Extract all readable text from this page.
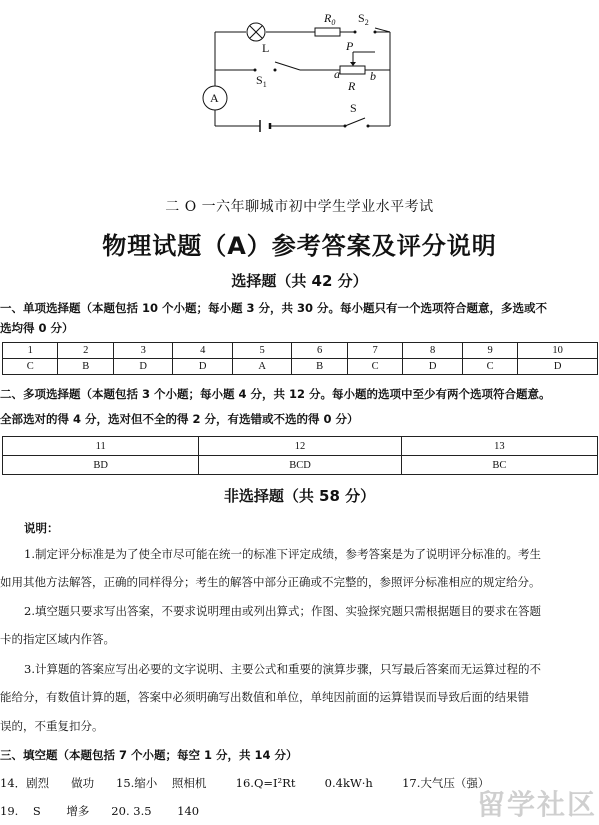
L
$R_0$ $S_2$
$S_1$
P
a	b
R
S
A
二 O 一六年聊城市初中学生学业水平考试
物理试题（A）参考答案及评分说明
选择题（共 42 分）
一、单项选择题（本题包括 10 个小题；每小题 3 分，共 30 分。每小题只有一个选项符合题意，多选或不
选均得 0 分）
1	2	3	4	5	6	7	8	9	10
C	B	D	D	A	B	C	D	C	D
二、多项选择题（本题包括 3 个小题；每小题 4 分，共 12 分。每小题的选项中至少有两个选项符合题意。
全部选对的得 4 分，选对但不全的得 2 分，有选错或不选的得 0 分）
11	12	13
BD	BCD	BC
非选择题（共 58 分）
说明：
1.制定评分标准是为了使全市尽可能在统一的标准下评定成绩，参考答案是为了说明评分标准的。考生
如用其他方法解答，正确的同样得分；考生的解答中部分正确或不完整的，参照评分标准相应的规定给分。
2.填空题只要求写出答案，不要求说明理由或列出算式；作图、实验探究题只需根据题目的要求在答题
卡的指定区域内作答。
3.计算题的答案应写出必要的文字说明、主要公式和重要的演算步骤，只写最后答案而无运算过程的不
能给分，有数值计算的题，答案中必须明确写出数值和单位，单纯因前面的运算错误而导致后面的结果错
误的，不重复扣分。
三、填空题（本题包括 7 个小题；每空 1 分，共 14 分）
14．剧烈      做功      15.缩小    照相机        16.Q=I²Rt        0.4kW·h        17.大气压（强）
19.    S       增多      20. 3.5       140	留学社区
